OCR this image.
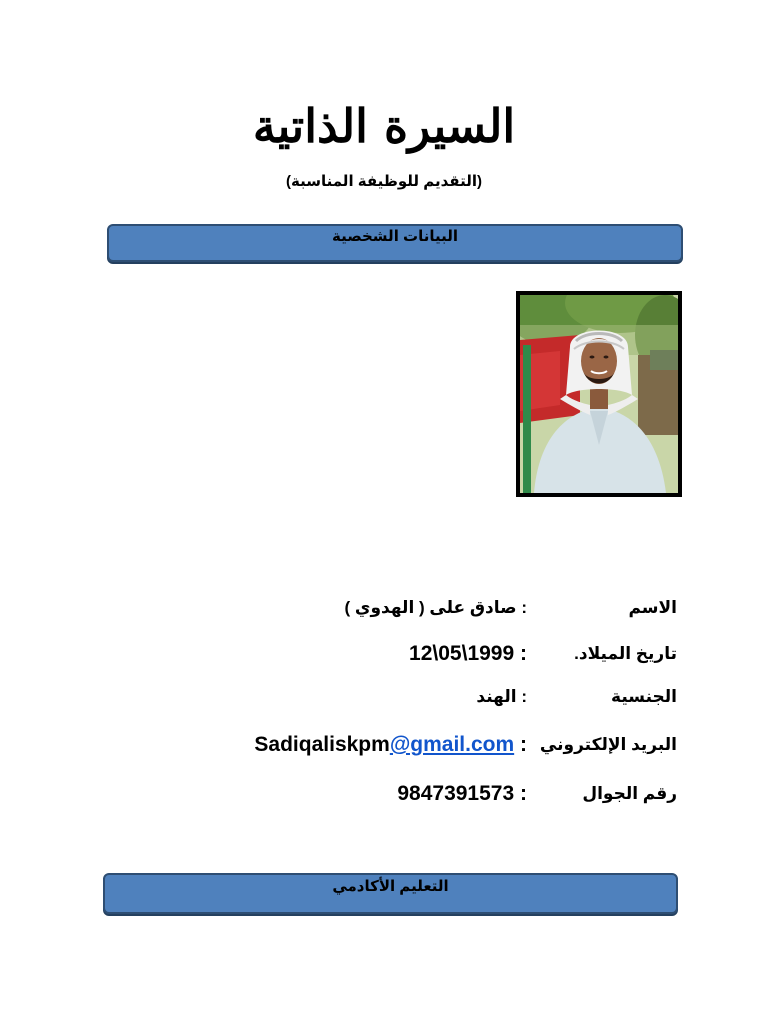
السيرة الذاتية
(التقديم للوظيفة المناسبة)
البيانات الشخصية
الاسم
: صادق على ( الهدوي )
تاريخ الميلاد.
: 1999\05\12
الجنسية
: الهند
البريد الإلكتروني
: Sadiqaliskpm@gmail.com
رقم الجوال
: 9847391573
التعليم الأكادمي
